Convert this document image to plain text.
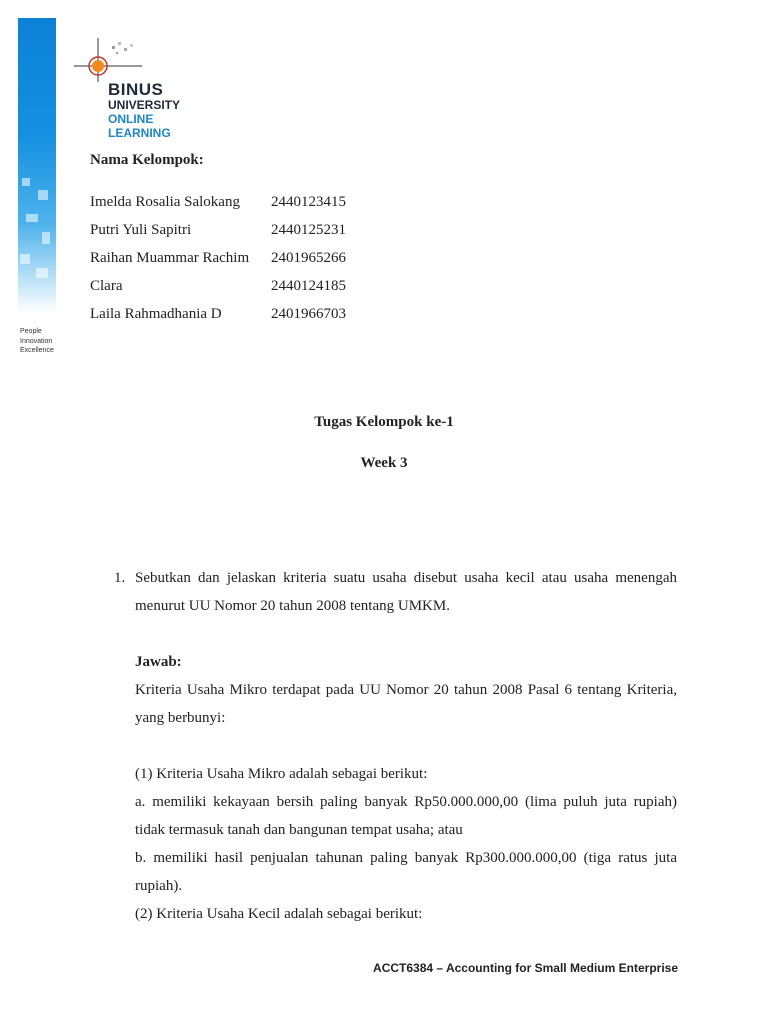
People
Innovation
Excellence
BINUS
UNIVERSITY
ONLINE
LEARNING
Nama Kelompok:
Imelda Rosalia Salokang	2440123415
Putri Yuli Sapitri	2440125231
Raihan Muammar Rachim	2401965266
Clara	2440124185
Laila Rahmadhania D	2401966703
Tugas Kelompok ke-1
Week 3
1. Sebutkan dan jelaskan kriteria suatu usaha disebut usaha kecil atau usaha menengah menurut UU Nomor 20 tahun 2008 tentang UMKM.
Jawab:

Kriteria Usaha Mikro terdapat pada UU Nomor 20 tahun 2008 Pasal 6 tentang Kriteria, yang berbunyi:

(1) Kriteria Usaha Mikro adalah sebagai berikut:

a. memiliki kekayaan bersih paling banyak Rp50.000.000,00 (lima puluh juta rupiah) tidak termasuk tanah dan bangunan tempat usaha; atau

b. memiliki hasil penjualan tahunan paling banyak Rp300.000.000,00 (tiga ratus juta rupiah).

(2) Kriteria Usaha Kecil adalah sebagai berikut:

ACCT6384 – Accounting for Small Medium Enterprise
